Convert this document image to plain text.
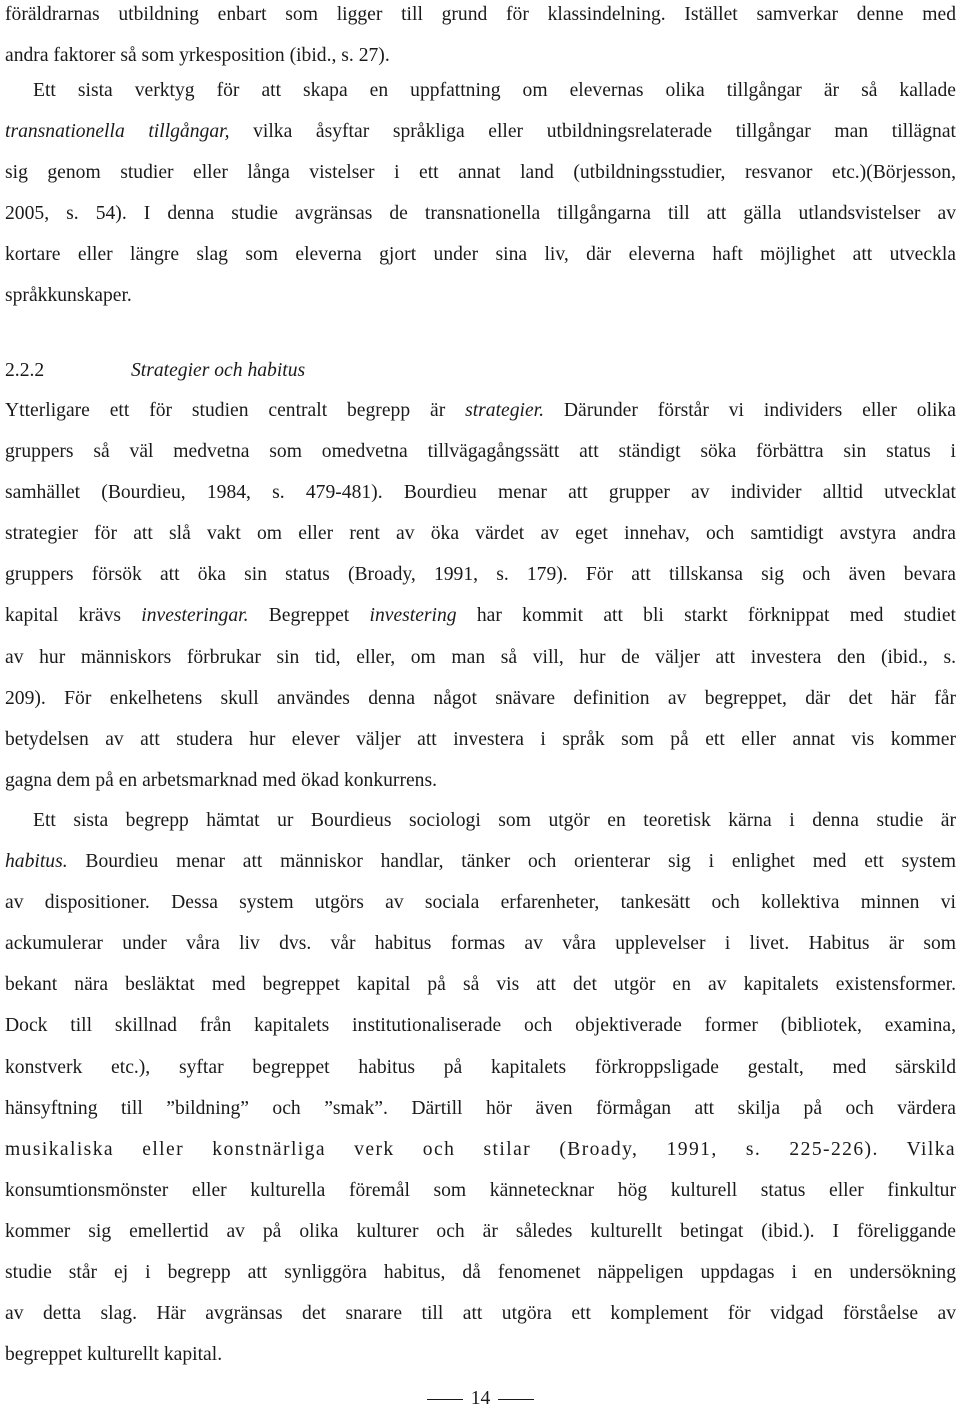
föräldrarnas utbildning enbart som ligger till grund för klassindelning. Istället samverkar denne med
andra faktorer så som yrkesposition (ibid., s. 27).
Ett sista verktyg för att skapa en uppfattning om elevernas olika tillgångar är så kallade
transnationella tillgångar, vilka åsyftar språkliga eller utbildningsrelaterade tillgångar man tillägnat
sig genom studier eller långa vistelser i ett annat land (utbildningsstudier, resvanor etc.)(Börjesson,
2005, s. 54). I denna studie avgränsas de transnationella tillgångarna till att gälla utlandsvistelser av
kortare eller längre slag som eleverna gjort under sina liv, där eleverna haft möjlighet att utveckla
språkkunskaper.
2.2.2	Strategier och habitus
Ytterligare ett för studien centralt begrepp är strategier. Därunder förstår vi individers eller olika
gruppers så väl medvetna som omedvetna tillvägagångssätt att ständigt söka förbättra sin status i
samhället (Bourdieu, 1984, s. 479-481). Bourdieu menar att grupper av individer alltid utvecklat
strategier för att slå vakt om eller rent av öka värdet av eget innehav, och samtidigt avstyra andra
gruppers försök att öka sin status (Broady, 1991, s. 179). För att tillskansa sig och även bevara
kapital krävs investeringar. Begreppet investering har kommit att bli starkt förknippat med studiet
av hur människors förbrukar sin tid, eller, om man så vill, hur de väljer att investera den (ibid., s.
209). För enkelhetens skull användes denna något snävare definition av begreppet, där det här får
betydelsen av att studera hur elever väljer att investera i språk som på ett eller annat vis kommer
gagna dem på en arbetsmarknad med ökad konkurrens.
Ett sista begrepp hämtat ur Bourdieus sociologi som utgör en teoretisk kärna i denna studie är
habitus. Bourdieu menar att människor handlar, tänker och orienterar sig i enlighet med ett system
av dispositioner. Dessa system utgörs av sociala erfarenheter, tankesätt och kollektiva minnen vi
ackumulerar under våra liv dvs. vår habitus formas av våra upplevelser i livet. Habitus är som
bekant nära besläktat med begreppet kapital på så vis att det utgör en av kapitalets existensformer.
Dock till skillnad från kapitalets institutionaliserade och objektiverade former (bibliotek, examina,
konstverk etc.), syftar begreppet habitus på kapitalets förkroppsligade gestalt, med särskild
hänsyftning till ”bildning” och ”smak”. Därtill hör även förmågan att skilja på och värdera
musikaliska eller konstnärliga verk och stilar (Broady, 1991, s. 225-226). Vilka
konsumtionsmönster eller kulturella föremål som kännetecknar hög kulturell status eller finkultur
kommer sig emellertid av på olika kulturer och är således kulturellt betingat (ibid.). I föreliggande
studie står ej i begrepp att synliggöra habitus, då fenomenet näppeligen uppdagas i en undersökning
av detta slag. Här avgränsas det snarare till att utgöra ett komplement för vidgad förståelse av
begreppet kulturellt kapital.
14
